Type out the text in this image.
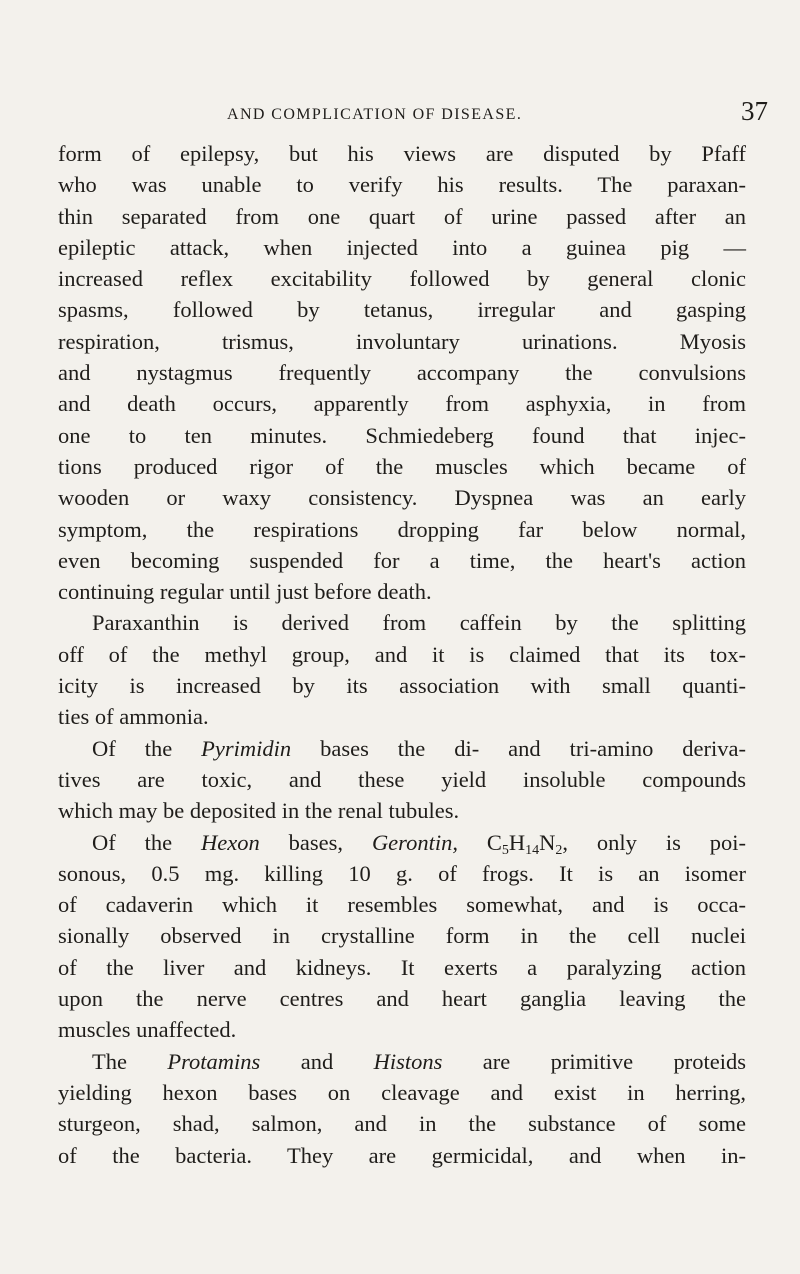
AND COMPLICATION OF DISEASE.	37
form of epilepsy, but his views are disputed by Pfaff
who was unable to verify his results. The paraxan-
thin separated from one quart of urine passed after an
epileptic attack, when injected into a guinea pig —
increased reflex excitability followed by general clonic
spasms, followed by tetanus, irregular and gasping
respiration, trismus, involuntary urinations. Myosis
and nystagmus frequently accompany the convulsions
and death occurs, apparently from asphyxia, in from
one to ten minutes. Schmiedeberg found that injec-
tions produced rigor of the muscles which became of
wooden or waxy consistency. Dyspnea was an early
symptom, the respirations dropping far below normal,
even becoming suspended for a time, the heart's action
continuing regular until just before death.
Paraxanthin is derived from caffein by the splitting
off of the methyl group, and it is claimed that its tox-
icity is increased by its association with small quanti-
ties of ammonia.
Of the Pyrimidin bases the di- and tri-amino deriva-
tives are toxic, and these yield insoluble compounds
which may be deposited in the renal tubules.
Of the Hexon bases, Gerontin, $C_5H_{14}N_2$, only is poi-
sonous, 0.5 mg. killing 10 g. of frogs. It is an isomer
of cadaverin which it resembles somewhat, and is occa-
sionally observed in crystalline form in the cell nuclei
of the liver and kidneys. It exerts a paralyzing action
upon the nerve centres and heart ganglia leaving the
muscles unaffected.
The Protamins and Histons are primitive proteids
yielding hexon bases on cleavage and exist in herring,
sturgeon, shad, salmon, and in the substance of some
of the bacteria. They are germicidal, and when in-
